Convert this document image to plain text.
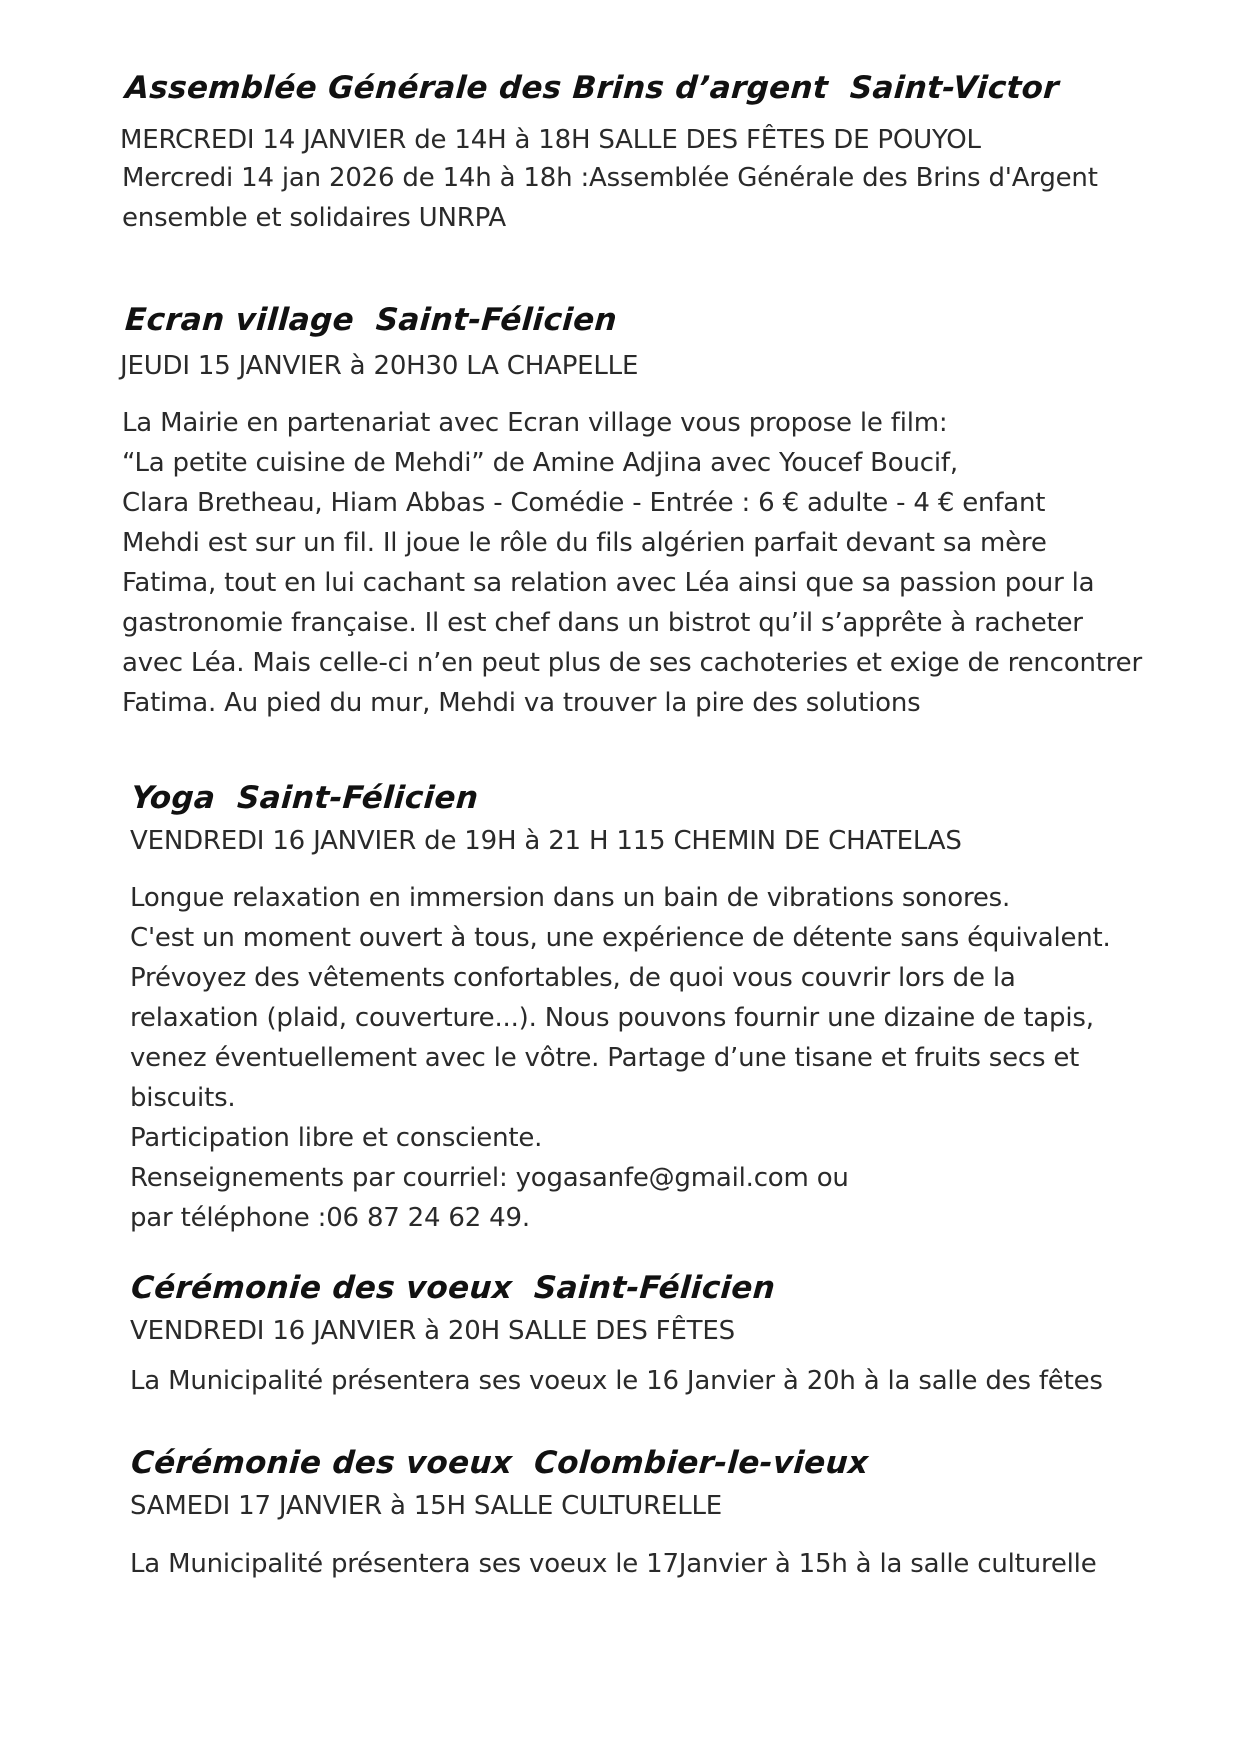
Assemblée Générale des Brins d’argent Saint-Victor

MERCREDI 14 JANVIER de 14H à 18H SALLE DES FÊTES DE POUYOL

Mercredi 14 jan 2026 de 14h à 18h :Assemblée Générale des Brins d'Argent
ensemble et solidaires UNRPA
Ecran village Saint-Félicien

JEUDI 15 JANVIER à 20H30 LA CHAPELLE

La Mairie en partenariat avec Ecran village vous propose le film:
“La petite cuisine de Mehdi” de Amine Adjina avec Youcef Boucif,
Clara Bretheau, Hiam Abbas - Comédie - Entrée : 6 € adulte - 4 € enfant
Mehdi est sur un fil. Il joue le rôle du fils algérien parfait devant sa mère
Fatima, tout en lui cachant sa relation avec Léa ainsi que sa passion pour la
gastronomie française. Il est chef dans un bistrot qu’il s’apprête à racheter
avec Léa. Mais celle-ci n’en peut plus de ses cachoteries et exige de rencontrer
Fatima. Au pied du mur, Mehdi va trouver la pire des solutions
Yoga Saint-Félicien

VENDREDI 16 JANVIER de 19H à 21 H 115 CHEMIN DE CHATELAS

Longue relaxation en immersion dans un bain de vibrations sonores.
C'est un moment ouvert à tous, une expérience de détente sans équivalent.
Prévoyez des vêtements confortables, de quoi vous couvrir lors de la
relaxation (plaid, couverture...). Nous pouvons fournir une dizaine de tapis,
venez éventuellement avec le vôtre. Partage d’une tisane et fruits secs et
biscuits.
Participation libre et consciente.
Renseignements par courriel: yogasanfe@gmail.com ou
par téléphone :06 87 24 62 49.
Cérémonie des voeux Saint-Félicien

VENDREDI 16 JANVIER à 20H SALLE DES FÊTES

La Municipalité présentera ses voeux le 16 Janvier à 20h à la salle des fêtes
Cérémonie des voeux Colombier-le-vieux

SAMEDI 17 JANVIER à 15H SALLE CULTURELLE

La Municipalité présentera ses voeux le 17Janvier à 15h à la salle culturelle
